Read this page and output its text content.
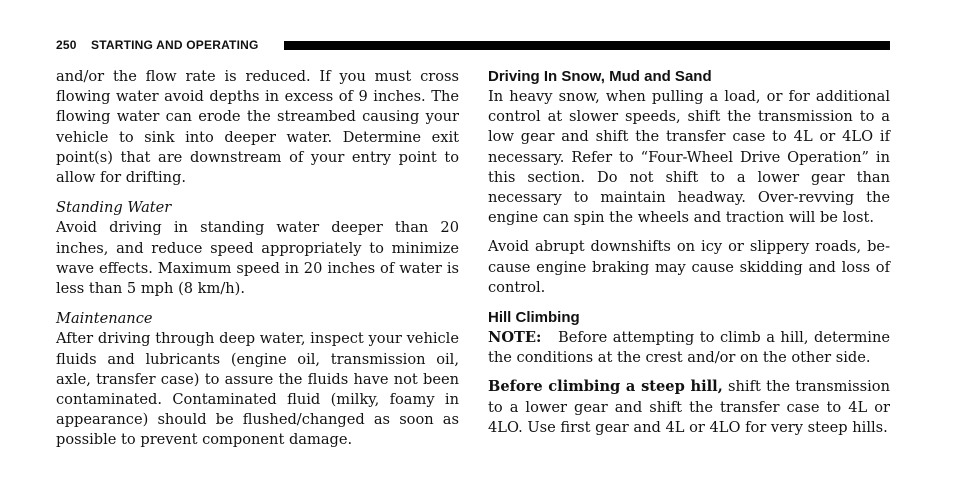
250 STARTING AND OPERATING

and/or the flow rate is reduced. If you must cross flowing water avoid depths in excess of 9 inches. The flowing water can erode the streambed causing your vehicle to sink into deeper water. Determine exit point(s) that are downstream of your entry point to allow for drifting.

Standing Water

Avoid driving in standing water deeper than 20 inches, and reduce speed appropriately to minimize wave effects. Maximum speed in 20 inches of water is less than 5 mph (8 km/h).

Maintenance

After driving through deep water, inspect your vehicle fluids and lubricants (engine oil, transmission oil, axle, transfer case) to assure the fluids have not been contaminated. Contaminated fluid (milky, foamy in appearance) should be flushed/changed as soon as possible to prevent component damage.

Driving In Snow, Mud and Sand

In heavy snow, when pulling a load, or for additional control at slower speeds, shift the transmission to a low gear and shift the transfer case to 4L or 4LO if necessary. Refer to “Four-Wheel Drive Operation” in this section. Do not shift to a lower gear than necessary to maintain headway. Over-revving the engine can spin the wheels and traction will be lost.

Avoid abrupt downshifts on icy or slippery roads, because engine braking may cause skidding and loss of control.

Hill Climbing

NOTE: Before attempting to climb a hill, determine the conditions at the crest and/or on the other side.

Before climbing a steep hill, shift the transmission to a lower gear and shift the transfer case to 4L or 4LO. Use first gear and 4L or 4LO for very steep hills.
